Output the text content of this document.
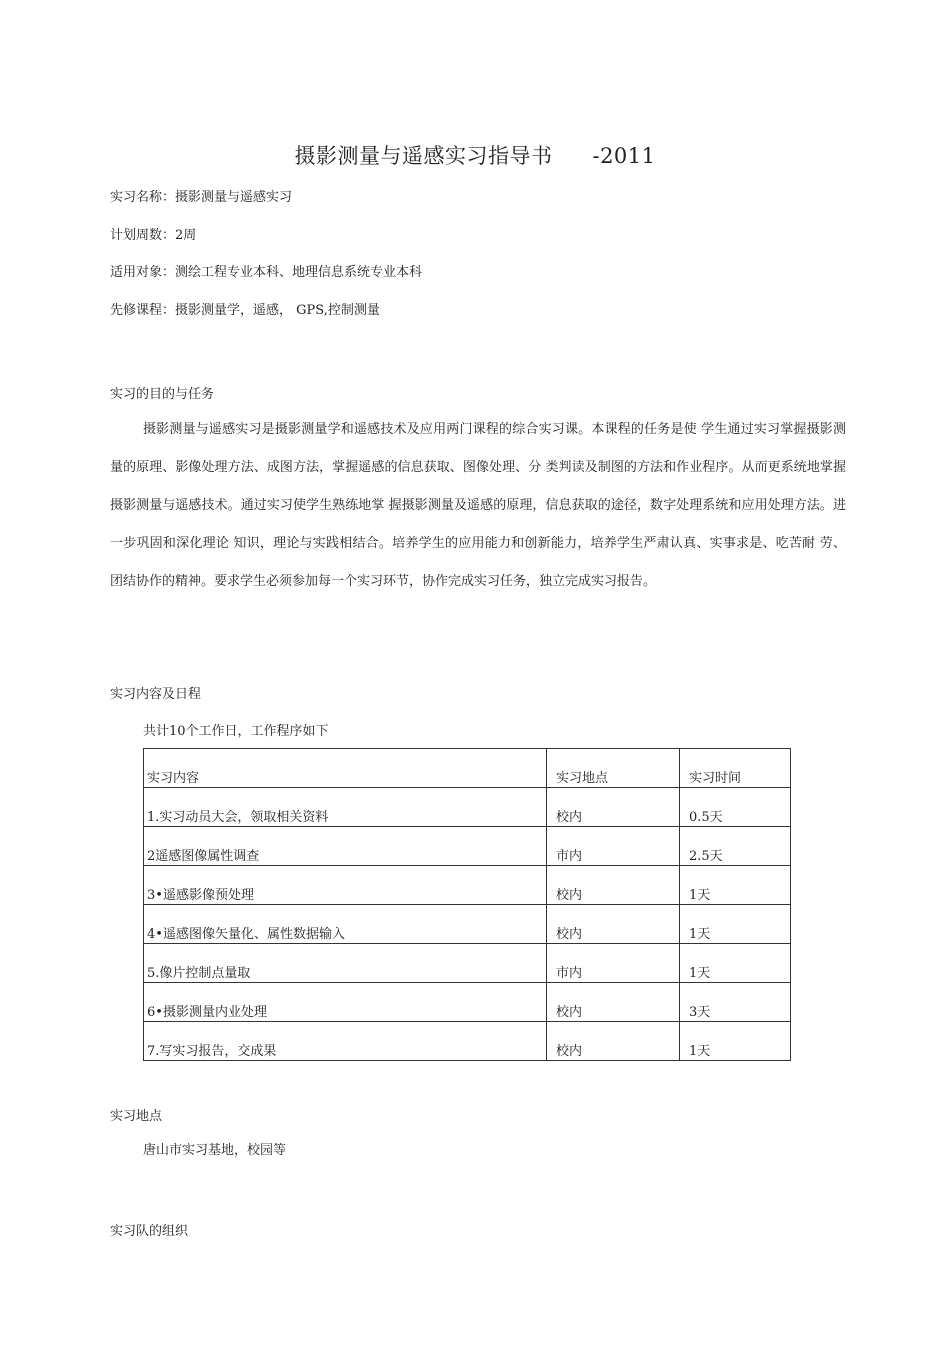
摄影测量与遥感实习指导书 -2011
实习名称：摄影测量与遥感实习
计划周数：2周
适用对象：测绘工程专业本科、地理信息系统专业本科
先修课程：摄影测量学，遥感， GPS,控制测量
实习的目的与任务

摄影测量与遥感实习是摄影测量学和遥感技术及应用两门课程的综合实习课。本课程的任务是使 学生通过实习掌握摄影测量的原理、影像处理方法、成图方法，掌握遥感的信息获取、图像处理、分 类判读及制图的方法和作业程序。从而更系统地掌握摄影测量与遥感技术。通过实习使学生熟练地掌 握摄影测量及遥感的原理，信息获取的途径，数字处理系统和应用处理方法。进一步巩固和深化理论 知识，理论与实践相结合。培养学生的应用能力和创新能力，培养学生严肃认真、实事求是、吃苦耐 劳、团结协作的精神。要求学生必须参加每一个实习环节，协作完成实习任务，独立完成实习报告。

实习内容及日程
共计10个工作日，工作程序如下
实习内容	实习地点	实习时间
1.实习动员大会，领取相关资料	校内	0.5天
2遥感图像属性调查	市内	2.5天
3•遥感影像预处理	校内	1天
4•遥感图像矢量化、属性数据输入	校内	1天
5.像片控制点量取	市内	1天
6•摄影测量内业处理	校内	3天
7.写实习报告，交成果	校内	1天
实习地点
唐山市实习基地，校园等
实习队的组织
